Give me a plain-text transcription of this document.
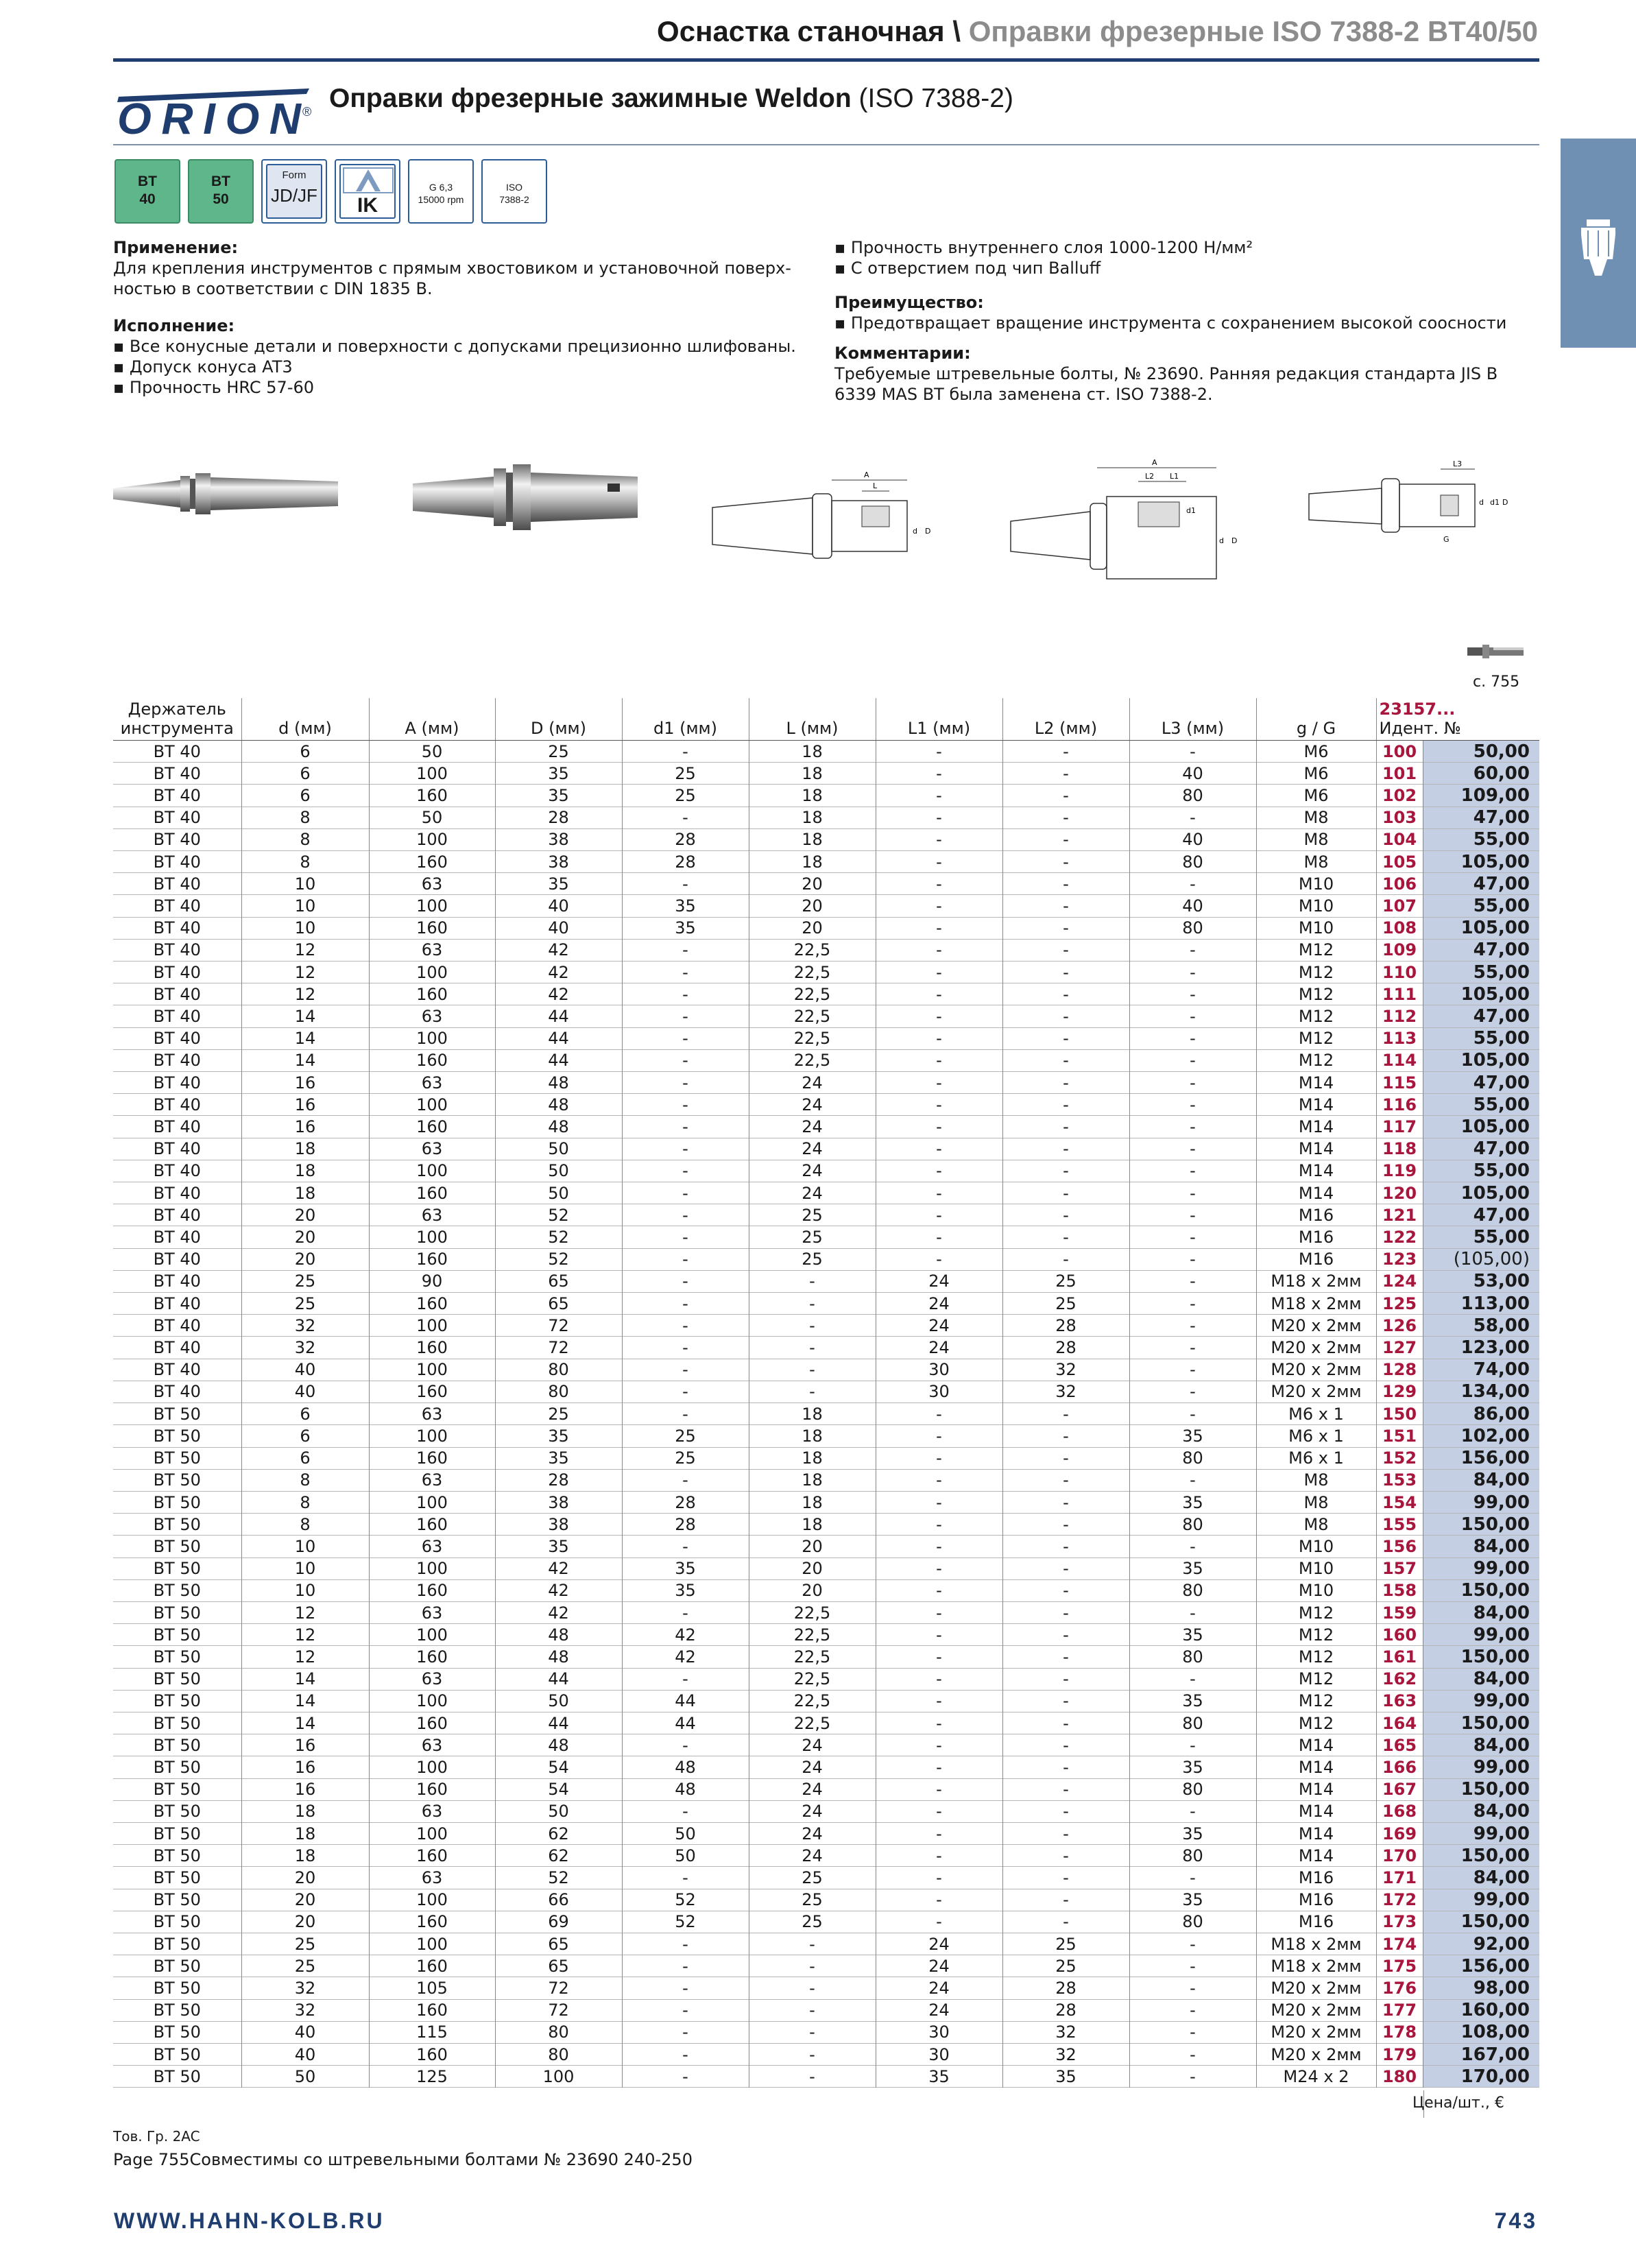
Оснастка станочная \ Оправки фрезерные ISO 7388-2 BT40/50
ORION ® Оправки фрезерные зажимные Weldon (ISO 7388-2)
BT
40
BT
50
Form
JD/JF	IK
G 6,3
15000 rpm
ISO
7388-2
Применение:
Для крепления инструментов с прямым хвостовиком и установочной поверх-
ностью в соответствии с DIN 1835 B.
Исполнение:
▪ Все конусные детали и поверхности с допусками прецизионно шлифованы.
▪ Допуск конуса AT3
▪ Прочность HRC 57-60
▪ Прочность внутреннего слоя 1000-1200 Н/мм²
▪ С отверстием под чип Balluff
Преимущество:
▪ Предотвращает вращение инструмента с сохранением высокой соосности
Комментарии:
Требуемые штревельные болты, № 23690. Ранняя редакция стандарта JIS B
6339 MAS BT была заменена ст. ISO 7388-2.
A
L
d D
A
L2 L1
d1
d D
L3
d d1 D
G
с. 755
Держатель инструмента	d (мм)	A (мм)	D (мм)	d1 (мм)	L (мм)	L1 (мм)	L2 (мм)	L3 (мм)	g / G	23157...
Идент. №	

BT 40	6	50	25	-	18	-	-	-	M6	100	50,00
BT 40	6	100	35	25	18	-	-	40	M6	101	60,00
BT 40	6	160	35	25	18	-	-	80	M6	102	109,00
BT 40	8	50	28	-	18	-	-	-	M8	103	47,00
BT 40	8	100	38	28	18	-	-	40	M8	104	55,00
BT 40	8	160	38	28	18	-	-	80	M8	105	105,00
BT 40	10	63	35	-	20	-	-	-	M10	106	47,00
BT 40	10	100	40	35	20	-	-	40	M10	107	55,00
BT 40	10	160	40	35	20	-	-	80	M10	108	105,00
BT 40	12	63	42	-	22,5	-	-	-	M12	109	47,00
BT 40	12	100	42	-	22,5	-	-	-	M12	110	55,00
BT 40	12	160	42	-	22,5	-	-	-	M12	111	105,00
BT 40	14	63	44	-	22,5	-	-	-	M12	112	47,00
BT 40	14	100	44	-	22,5	-	-	-	M12	113	55,00
BT 40	14	160	44	-	22,5	-	-	-	M12	114	105,00
BT 40	16	63	48	-	24	-	-	-	M14	115	47,00
BT 40	16	100	48	-	24	-	-	-	M14	116	55,00
BT 40	16	160	48	-	24	-	-	-	M14	117	105,00
BT 40	18	63	50	-	24	-	-	-	M14	118	47,00
BT 40	18	100	50	-	24	-	-	-	M14	119	55,00
BT 40	18	160	50	-	24	-	-	-	M14	120	105,00
BT 40	20	63	52	-	25	-	-	-	M16	121	47,00
BT 40	20	100	52	-	25	-	-	-	M16	122	55,00
BT 40	20	160	52	-	25	-	-	-	M16	123	(105,00)
BT 40	25	90	65	-	-	24	25	-	M18 x 2мм	124	53,00
BT 40	25	160	65	-	-	24	25	-	M18 x 2мм	125	113,00
BT 40	32	100	72	-	-	24	28	-	M20 x 2мм	126	58,00
BT 40	32	160	72	-	-	24	28	-	M20 x 2мм	127	123,00
BT 40	40	100	80	-	-	30	32	-	M20 x 2мм	128	74,00
BT 40	40	160	80	-	-	30	32	-	M20 x 2мм	129	134,00
BT 50	6	63	25	-	18	-	-	-	M6 x 1	150	86,00
BT 50	6	100	35	25	18	-	-	35	M6 x 1	151	102,00
BT 50	6	160	35	25	18	-	-	80	M6 x 1	152	156,00
BT 50	8	63	28	-	18	-	-	-	M8	153	84,00
BT 50	8	100	38	28	18	-	-	35	M8	154	99,00
BT 50	8	160	38	28	18	-	-	80	M8	155	150,00
BT 50	10	63	35	-	20	-	-	-	M10	156	84,00
BT 50	10	100	42	35	20	-	-	35	M10	157	99,00
BT 50	10	160	42	35	20	-	-	80	M10	158	150,00
BT 50	12	63	42	-	22,5	-	-	-	M12	159	84,00
BT 50	12	100	48	42	22,5	-	-	35	M12	160	99,00
BT 50	12	160	48	42	22,5	-	-	80	M12	161	150,00
BT 50	14	63	44	-	22,5	-	-	-	M12	162	84,00
BT 50	14	100	50	44	22,5	-	-	35	M12	163	99,00
BT 50	14	160	44	44	22,5	-	-	80	M12	164	150,00
BT 50	16	63	48	-	24	-	-	-	M14	165	84,00
BT 50	16	100	54	48	24	-	-	35	M14	166	99,00
BT 50	16	160	54	48	24	-	-	80	M14	167	150,00
BT 50	18	63	50	-	24	-	-	-	M14	168	84,00
BT 50	18	100	62	50	24	-	-	35	M14	169	99,00
BT 50	18	160	62	50	24	-	-	80	M14	170	150,00
BT 50	20	63	52	-	25	-	-	-	M16	171	84,00
BT 50	20	100	66	52	25	-	-	35	M16	172	99,00
BT 50	20	160	69	52	25	-	-	80	M16	173	150,00
BT 50	25	100	65	-	-	24	25	-	M18 x 2мм	174	92,00
BT 50	25	160	65	-	-	24	25	-	M18 x 2мм	175	156,00
BT 50	32	105	72	-	-	24	28	-	M20 x 2мм	176	98,00
BT 50	32	160	72	-	-	24	28	-	M20 x 2мм	177	160,00
BT 50	40	115	80	-	-	30	32	-	M20 x 2мм	178	108,00
BT 50	40	160	80	-	-	30	32	-	M20 x 2мм	179	167,00
BT 50	50	125	100	-	-	35	35	-	M24 x 2	180	170,00
Цена/шт., €
Тов. Гр. 2AC
Page 755Совместимы со штревельными болтами № 23690 240-250
WWW.HAHN-KOLB.RU	743
